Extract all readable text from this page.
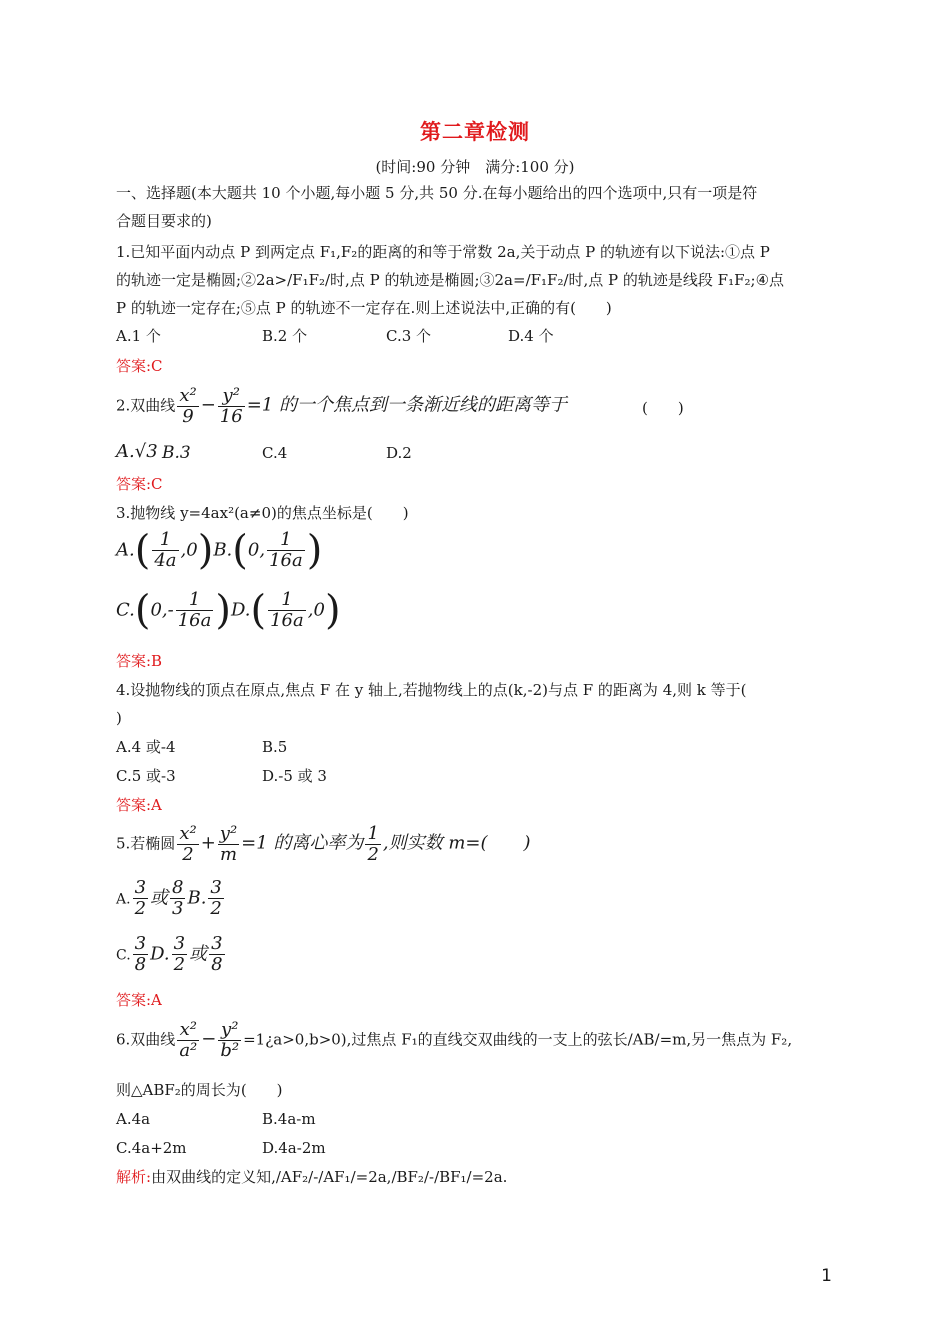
第二章检测
(时间:90 分钟　满分:100 分)
一、选择题(本大题共 10 个小题,每小题 5 分,共 50 分.在每小题给出的四个选项中,只有一项是符
合题目要求的)
1.已知平面内动点 P 到两定点 F₁,F₂的距离的和等于常数 2a,关于动点 P 的轨迹有以下说法:①点 P
的轨迹一定是椭圆;②2a>/F₁F₂/时,点 P 的轨迹是椭圆;③2a=/F₁F₂/时,点 P 的轨迹是线段 F₁F₂;④点
P 的轨迹一定存在;⑤点 P 的轨迹不一定存在.则上述说法中,正确的有(　　)
A.1 个	B.2 个	C.3 个	D.4 个
答案:C
2.双曲线 $\frac{\text{x²}}{9} - \frac{\text{y²}}{16} =1$ 的一个焦点到一条渐近线的距离等于	(　　)
A.√3 B.3	C.4	D.2
答案:C
3.抛物线 y=4ax²(a≠0)的焦点坐标是(　　)
$A.( \frac{1}{4a} ,0)B.(0$, $\frac{1}{16a}$ )
$C.(0,- \frac{1}{16a} )D.( \frac{1}{16a} ,0)$
答案:B
4.设抛物线的顶点在原点,焦点 F 在 y 轴上,若抛物线上的点(k,-2)与点 F 的距离为 4,则 k 等于(
)
A.4 或-4	B.5
C.5 或-3	D.-5 或 3
答案:A
5.若椭圆 $\frac{\text{x²}}{2} + \frac{\text{y²}}{m} =1$ 的离心率为 $\frac{1}{2}$ ,则实数 m=(　　)
A. $\frac{3}{2}$ 或 $\frac{8}{3} B$. $\frac{3}{2}$
C. $\frac{3}{8} D$. $\frac{3}{2}$ 或 $\frac{3}{8}$
答案:A
6.双曲线 $\frac{\text{x²}}{\text{a²}} - \frac{\text{y²}}{\text{b²}}$ =1¿a>0,b>0),过焦点 F₁的直线交双曲线的一支上的弦长/AB/=m,另一焦点为 F₂,
则△ABF₂的周长为(　　)
A.4a	B.4a-m
C.4a+2m	D.4a-2m
解析:由双曲线的定义知,/AF₂/-/AF₁/=2a,/BF₂/-/BF₁/=2a.
1
